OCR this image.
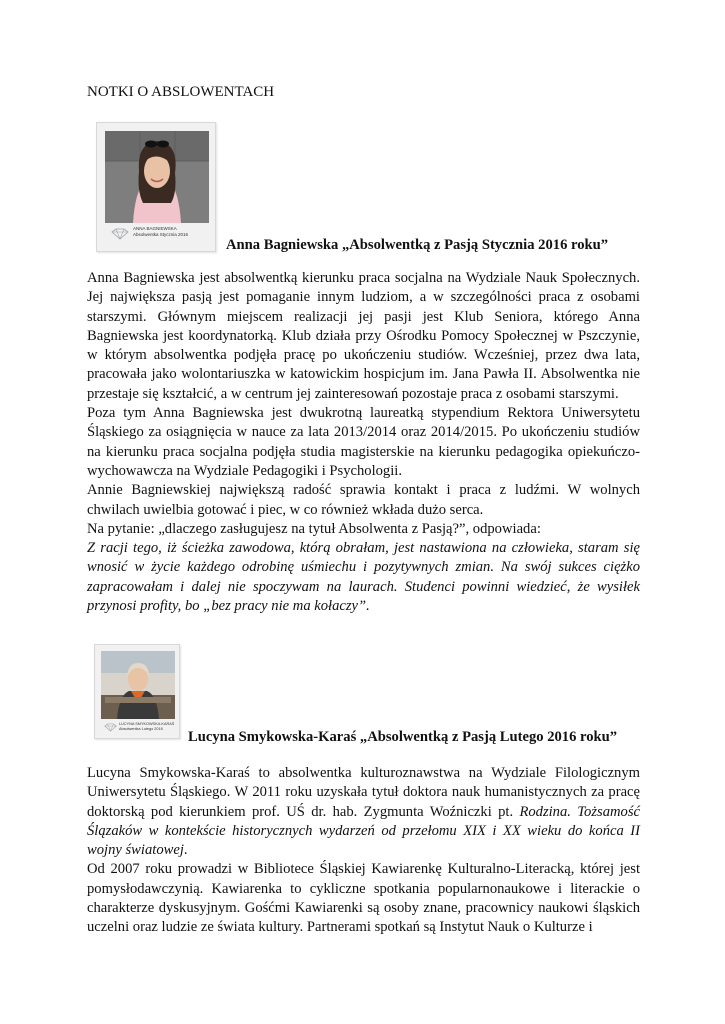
NOTKI O ABSLOWENTACH
ANNA BAGNIEWSKA
Absolwentka Stycznia 2016
Anna Bagniewska „Absolwentką z Pasją Stycznia 2016 roku”

Anna Bagniewska jest absolwentką kierunku praca socjalna na Wydziale Nauk Społecznych. Jej największa pasją jest pomaganie innym ludziom, a w szczególności praca z osobami starszymi. Głównym miejscem realizacji jej pasji jest Klub Seniora, którego Anna Bagniewska jest koordynatorką. Klub działa przy Ośrodku Pomocy Społecznej w Pszczynie, w którym absolwentka podjęła pracę po ukończeniu studiów. Wcześniej, przez dwa lata, pracowała jako wolontariuszka w katowickim hospicjum im. Jana Pawła II. Absolwentka nie przestaje się kształcić, a w centrum jej zainteresowań pozostaje praca z osobami starszymi.

Poza tym Anna Bagniewska jest dwukrotną laureatką stypendium Rektora Uniwersytetu Śląskiego za osiągnięcia w nauce za lata 2013/2014 oraz 2014/2015. Po ukończeniu studiów na kierunku praca socjalna podjęła studia magisterskie na kierunku pedagogika opiekuńczo-wychowawcza na Wydziale Pedagogiki i Psychologii.

Annie Bagniewskiej największą radość sprawia kontakt i praca z ludźmi. W wolnych chwilach uwielbia gotować i piec, w co również wkłada dużo serca.

Na pytanie: „dlaczego zasługujesz na tytuł Absolwenta z Pasją?”, odpowiada:

Z racji tego, iż ścieżka zawodowa, którą obrałam, jest nastawiona na człowieka, staram się wnosić w życie każdego odrobinę uśmiechu i pozytywnych zmian. Na swój sukces ciężko zapracowałam i dalej nie spoczywam na laurach. Studenci powinni wiedzieć, że wysiłek przynosi profity, bo „bez pracy nie ma kołaczy”.

LUCYNA SMYKOWSKA-KARAŚ
Absolwentka Lutego 2016	Lucyna Smykowska-Karaś „Absolwentką z Pasją Lutego 2016 roku”

Lucyna Smykowska-Karaś to absolwentka kulturoznawstwa na Wydziale Filologicznym Uniwersytetu Śląskiego. W 2011 roku uzyskała tytuł doktora nauk humanistycznych za pracę doktorską pod kierunkiem prof. UŚ dr. hab. Zygmunta Woźniczki pt. Rodzina. Tożsamość Ślązaków w kontekście historycznych wydarzeń od przełomu XIX i XX wieku do końca II wojny światowej.

Od 2007 roku prowadzi w Bibliotece Śląskiej Kawiarenkę Kulturalno-Literacką, której jest pomysłodawczynią. Kawiarenka to cykliczne spotkania popularnonaukowe i literackie o charakterze dyskusyjnym. Gośćmi Kawiarenki są osoby znane, pracownicy naukowi śląskich uczelni oraz ludzie ze świata kultury. Partnerami spotkań są Instytut Nauk o Kulturze i
